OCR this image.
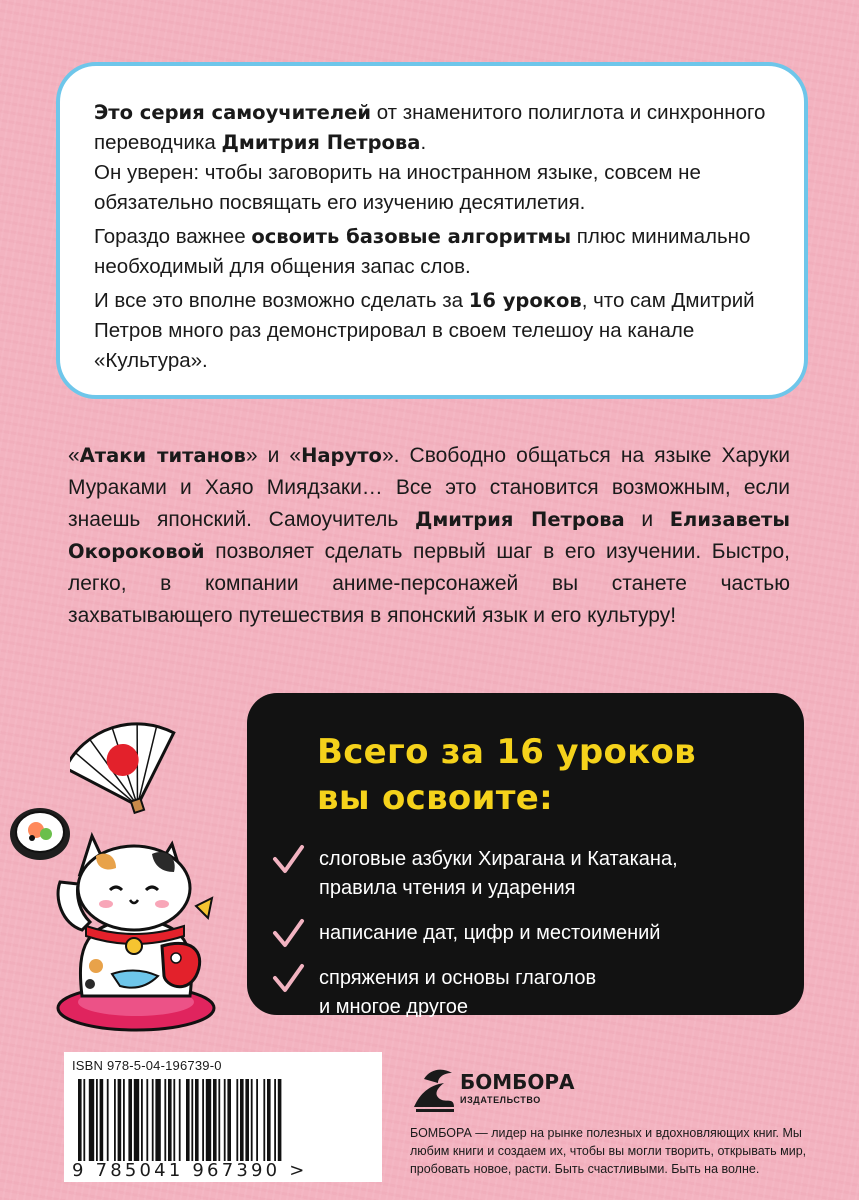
Это серия самоучителей от знаменитого полиглота и синхронного переводчика Дмитрия Петрова.
Он уверен: чтобы заговорить на иностранном языке, совсем не обязательно посвящать его изучению десятилетия.

Гораздо важнее освоить базовые алгоритмы плюс минимально необходимый для общения запас слов.

И все это вполне возможно сделать за 16 уроков, что сам Дмитрий Петров много раз демонстрировал в своем телешоу на канале «Культура».

«Атаки титанов» и «Наруто». Свободно общаться на языке Харуки Мураками и Хаяо Миядзаки… Все это становится возможным, если знаешь японский. Самоучитель Дмитрия Петрова и Елизаветы Окороковой позволяет сделать первый шаг в его изучении. Быстро, легко, в компании аниме-персонажей вы станете частью захватывающего путешествия в японский язык и его культуру!

Всего за 16 уроков
вы освоите:
слоговые азбуки Хирагана и Катакана,
правила чтения и ударения
написание дат, цифр и местоимений
спряжения и основы глаголов
и многое другое
ISBN 978-5-04-196739-0
9 785041 967390 >
БОМБОРА
ИЗДАТЕЛЬСТВО
БОМБОРА — лидер на рынке полезных и вдохновляющих книг. Мы любим книги и создаем их, чтобы вы могли творить, открывать мир, пробовать новое, расти. Быть счастливыми. Быть на волне.
